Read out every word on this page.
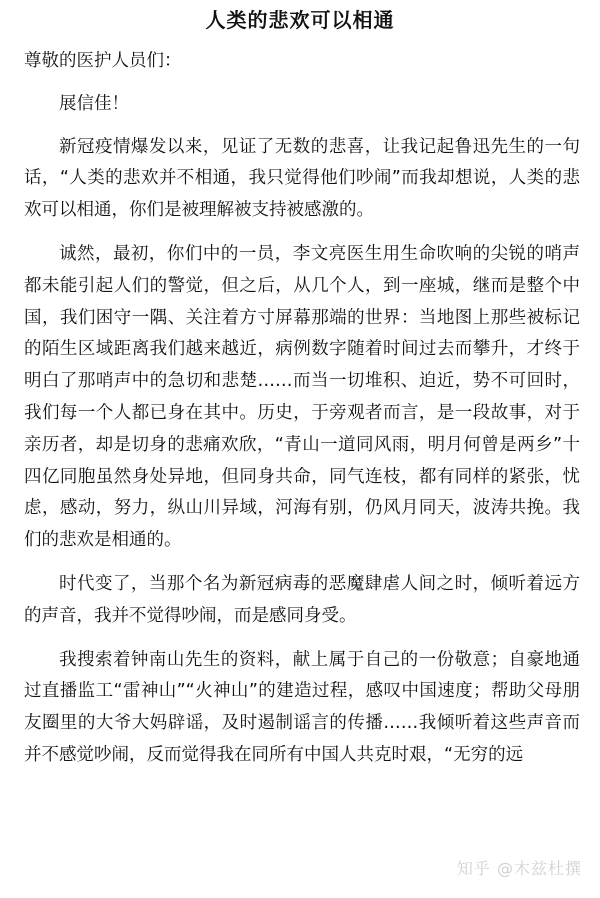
人类的悲欢可以相通

尊敬的医护人员们：

展信佳！

新冠疫情爆发以来，见证了无数的悲喜，让我记起鲁迅先生的一句话，“人类的悲欢并不相通，我只觉得他们吵闹”而我却想说，人类的悲欢可以相通，你们是被理解被支持被感激的。

诚然，最初，你们中的一员，李文亮医生用生命吹响的尖锐的哨声都未能引起人们的警觉，但之后，从几个人，到一座城，继而是整个中国，我们困守一隅、关注着方寸屏幕那端的世界：当地图上那些被标记的陌生区域距离我们越来越近，病例数字随着时间过去而攀升，才终于明白了那哨声中的急切和悲楚……而当一切堆积、迫近，势不可回时，我们每一个人都已身在其中。历史，于旁观者而言，是一段故事，对于亲历者，却是切身的悲痛欢欣，“青山一道同风雨，明月何曾是两乡”十四亿同胞虽然身处异地，但同身共命，同气连枝，都有同样的紧张，忧虑，感动，努力，纵山川异域，河海有别，仍风月同天，波涛共挽。我们的悲欢是相通的。

时代变了，当那个名为新冠病毒的恶魔肆虐人间之时，倾听着远方的声音，我并不觉得吵闹，而是感同身受。

我搜索着钟南山先生的资料，献上属于自己的一份敬意；自豪地通过直播监工“雷神山”“火神山”的建造过程，感叹中国速度；帮助父母朋友圈里的大爷大妈辟谣，及时遏制谣言的传播……我倾听着这些声音而并不感觉吵闹，反而觉得我在同所有中国人共克时艰，“无穷的远

知乎 @木兹杜撰
